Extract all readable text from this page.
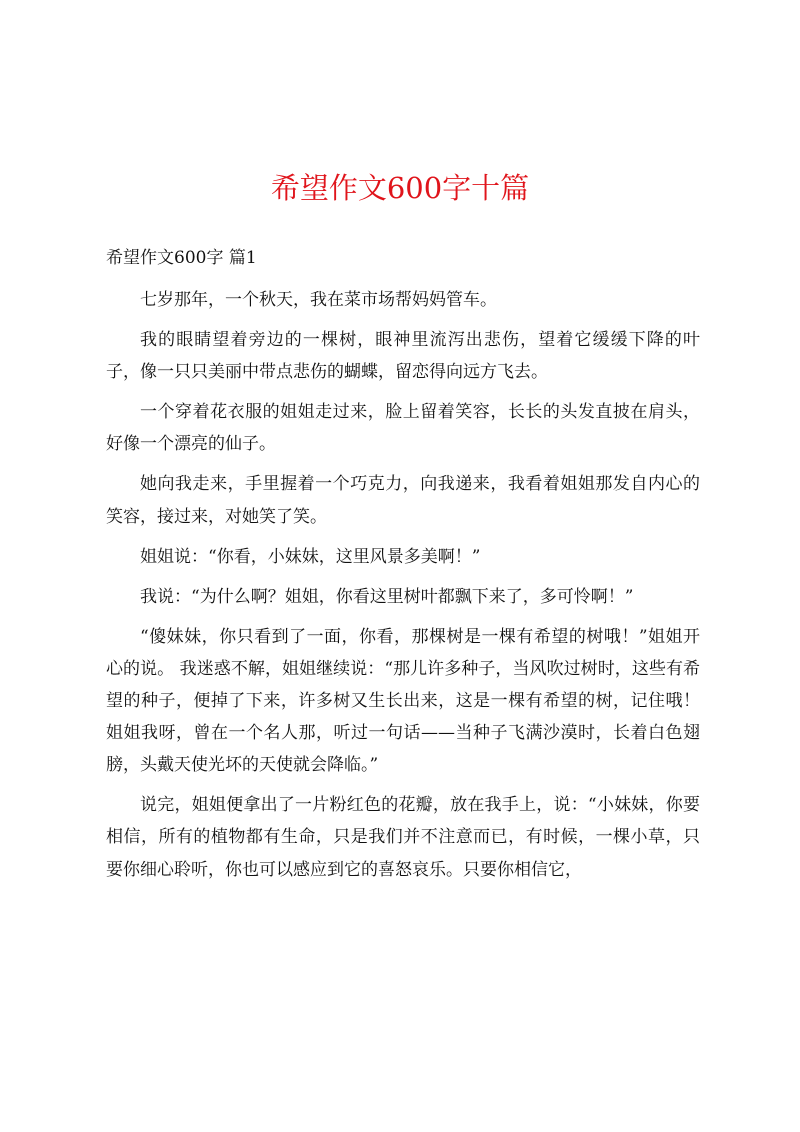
希望作文600字十篇
希望作文600字 篇1

七岁那年，一个秋天，我在菜市场帮妈妈管车。

我的眼睛望着旁边的一棵树，眼神里流泻出悲伤，望着它缓缓下降的叶子，像一只只美丽中带点悲伤的蝴蝶，留恋得向远方飞去。

一个穿着花衣服的姐姐走过来，脸上留着笑容，长长的头发直披在肩头，好像一个漂亮的仙子。

她向我走来，手里握着一个巧克力，向我递来，我看着姐姐那发自内心的笑容，接过来，对她笑了笑。

姐姐说：“你看，小妹妹，这里风景多美啊！”

我说：“为什么啊？姐姐，你看这里树叶都飘下来了，多可怜啊！”

“傻妹妹，你只看到了一面，你看，那棵树是一棵有希望的树哦！”姐姐开心的说。 我迷惑不解，姐姐继续说：“那儿许多种子，当风吹过树时，这些有希望的种子，便掉了下来，许多树又生长出来，这是一棵有希望的树，记住哦！姐姐我呀，曾在一个名人那，听过一句话——当种子飞满沙漠时，长着白色翅膀，头戴天使光坏的天使就会降临。”

说完，姐姐便拿出了一片粉红色的花瓣，放在我手上，说：“小妹妹，你要相信，所有的植物都有生命，只是我们并不注意而已，有时候，一棵小草，只要你细心聆听，你也可以感应到它的喜怒哀乐。只要你相信它，
